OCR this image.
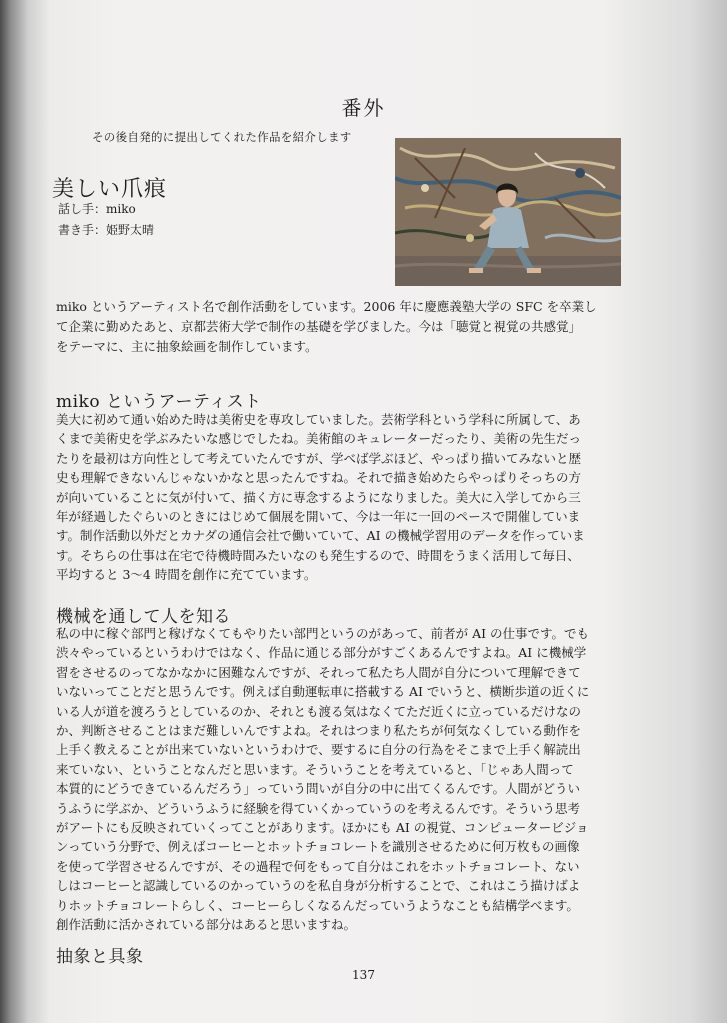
番外
その後自発的に提出してくれた作品を紹介します
美しい爪痕
話し手：miko
書き手：姫野太晴

miko というアーティスト名で創作活動をしています。2006 年に慶應義塾大学の SFC を卒業し

て企業に勤めたあと、京都芸術大学で制作の基礎を学びました。今は「聴覚と視覚の共感覚」

をテーマに、主に抽象絵画を制作しています。

miko というアーティスト

美大に初めて通い始めた時は美術史を専攻していました。芸術学科という学科に所属して、あ

くまで美術史を学ぶみたいな感じでしたね。美術館のキュレーターだったり、美術の先生だっ

たりを最初は方向性として考えていたんですが、学べば学ぶほど、やっぱり描いてみないと歴

史も理解できないんじゃないかなと思ったんですね。それで描き始めたらやっぱりそっちの方

が向いていることに気が付いて、描く方に専念するようになりました。美大に入学してから三

年が経過したぐらいのときにはじめて個展を開いて、今は一年に一回のペースで開催していま

す。制作活動以外だとカナダの通信会社で働いていて、AI の機械学習用のデータを作っていま

す。そちらの仕事は在宅で待機時間みたいなのも発生するので、時間をうまく活用して毎日、

平均すると 3〜4 時間を創作に充てています。

機械を通して人を知る

私の中に稼ぐ部門と稼げなくてもやりたい部門というのがあって、前者が AI の仕事です。でも

渋々やっているというわけではなく、作品に通じる部分がすごくあるんですよね。AI に機械学

習をさせるのってなかなかに困難なんですが、それって私たち人間が自分について理解できて

いないってことだと思うんです。例えば自動運転車に搭載する AI でいうと、横断歩道の近くに

いる人が道を渡ろうとしているのか、それとも渡る気はなくてただ近くに立っているだけなの

か、判断させることはまだ難しいんですよね。それはつまり私たちが何気なくしている動作を

上手く教えることが出来ていないというわけで、要するに自分の行為をそこまで上手く解読出

来ていない、ということなんだと思います。そういうことを考えていると、「じゃあ人間って

本質的にどうできているんだろう」っていう問いが自分の中に出てくるんです。人間がどうい

うふうに学ぶか、どういうふうに経験を得ていくかっていうのを考えるんです。そういう思考

がアートにも反映されていくってことがあります。ほかにも AI の視覚、コンピュータービジョ

ンっていう分野で、例えばコーヒーとホットチョコレートを識別させるために何万枚もの画像

を使って学習させるんですが、その過程で何をもって自分はこれをホットチョコレート、ない

しはコーヒーと認識しているのかっていうのを私自身が分析することで、これはこう描けばよ

りホットチョコレートらしく、コーヒーらしくなるんだっていうようなことも結構学べます。

創作活動に活かされている部分はあると思いますね。

抽象と具象
137
